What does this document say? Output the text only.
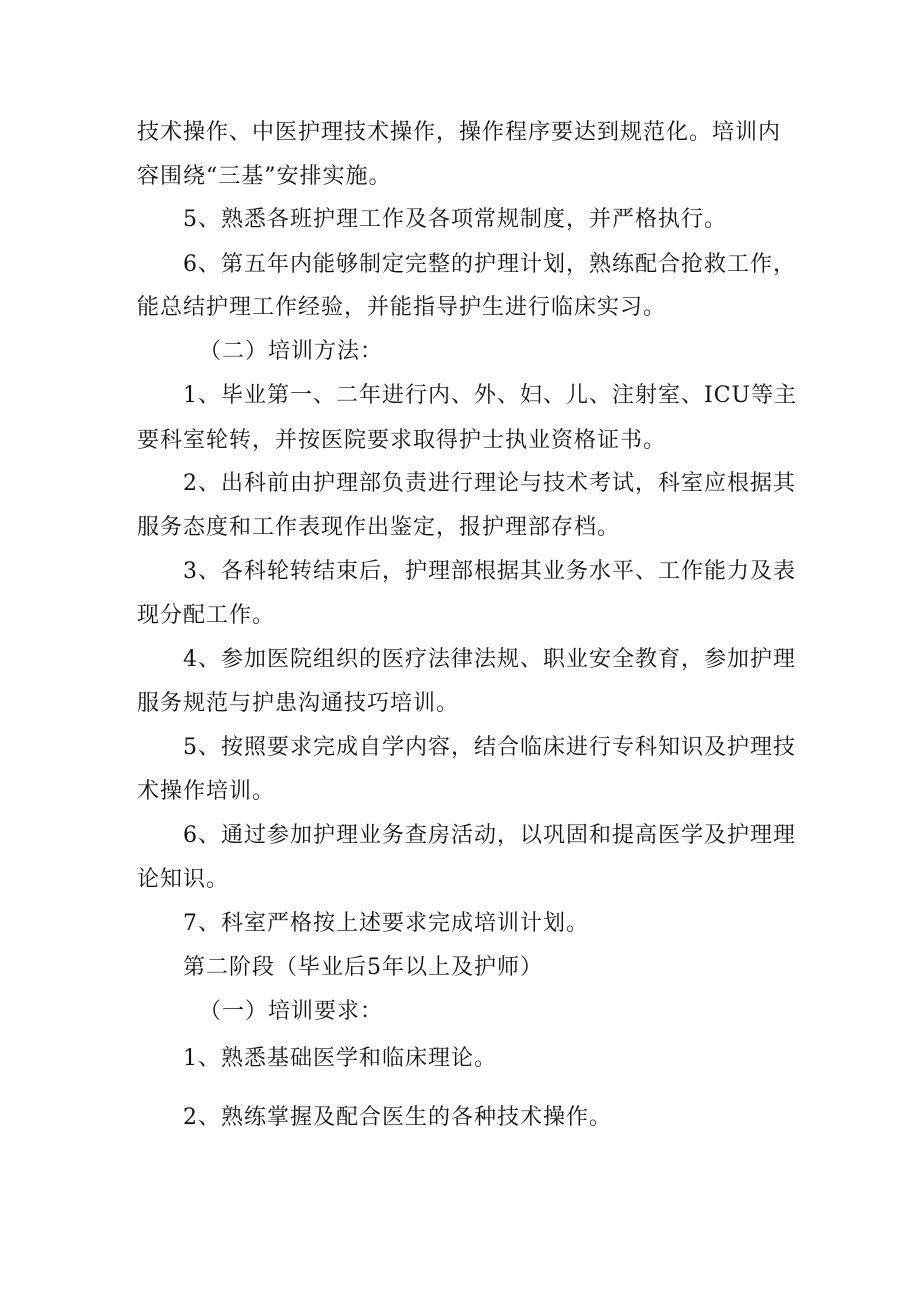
技术操作、中医护理技术操作，操作程序要达到规范化。培训内
容围绕“三基”安排实施。
5、熟悉各班护理工作及各项常规制度，并严格执行。
6、第五年内能够制定完整的护理计划，熟练配合抢救工作，
能总结护理工作经验，并能指导护生进行临床实习。
（二）培训方法：
1、毕业第一、二年进行内、外、妇、儿、注射室、ICU等主
要科室轮转，并按医院要求取得护士执业资格证书。
2、出科前由护理部负责进行理论与技术考试，科室应根据其
服务态度和工作表现作出鉴定，报护理部存档。
3、各科轮转结束后，护理部根据其业务水平、工作能力及表
现分配工作。
4、参加医院组织的医疗法律法规、职业安全教育，参加护理
服务规范与护患沟通技巧培训。
5、按照要求完成自学内容，结合临床进行专科知识及护理技
术操作培训。
6、通过参加护理业务查房活动，以巩固和提高医学及护理理
论知识。
7、科室严格按上述要求完成培训计划。
第二阶段（毕业后5年以上及护师）
（一）培训要求：
1、熟悉基础医学和临床理论。
2、熟练掌握及配合医生的各种技术操作。
